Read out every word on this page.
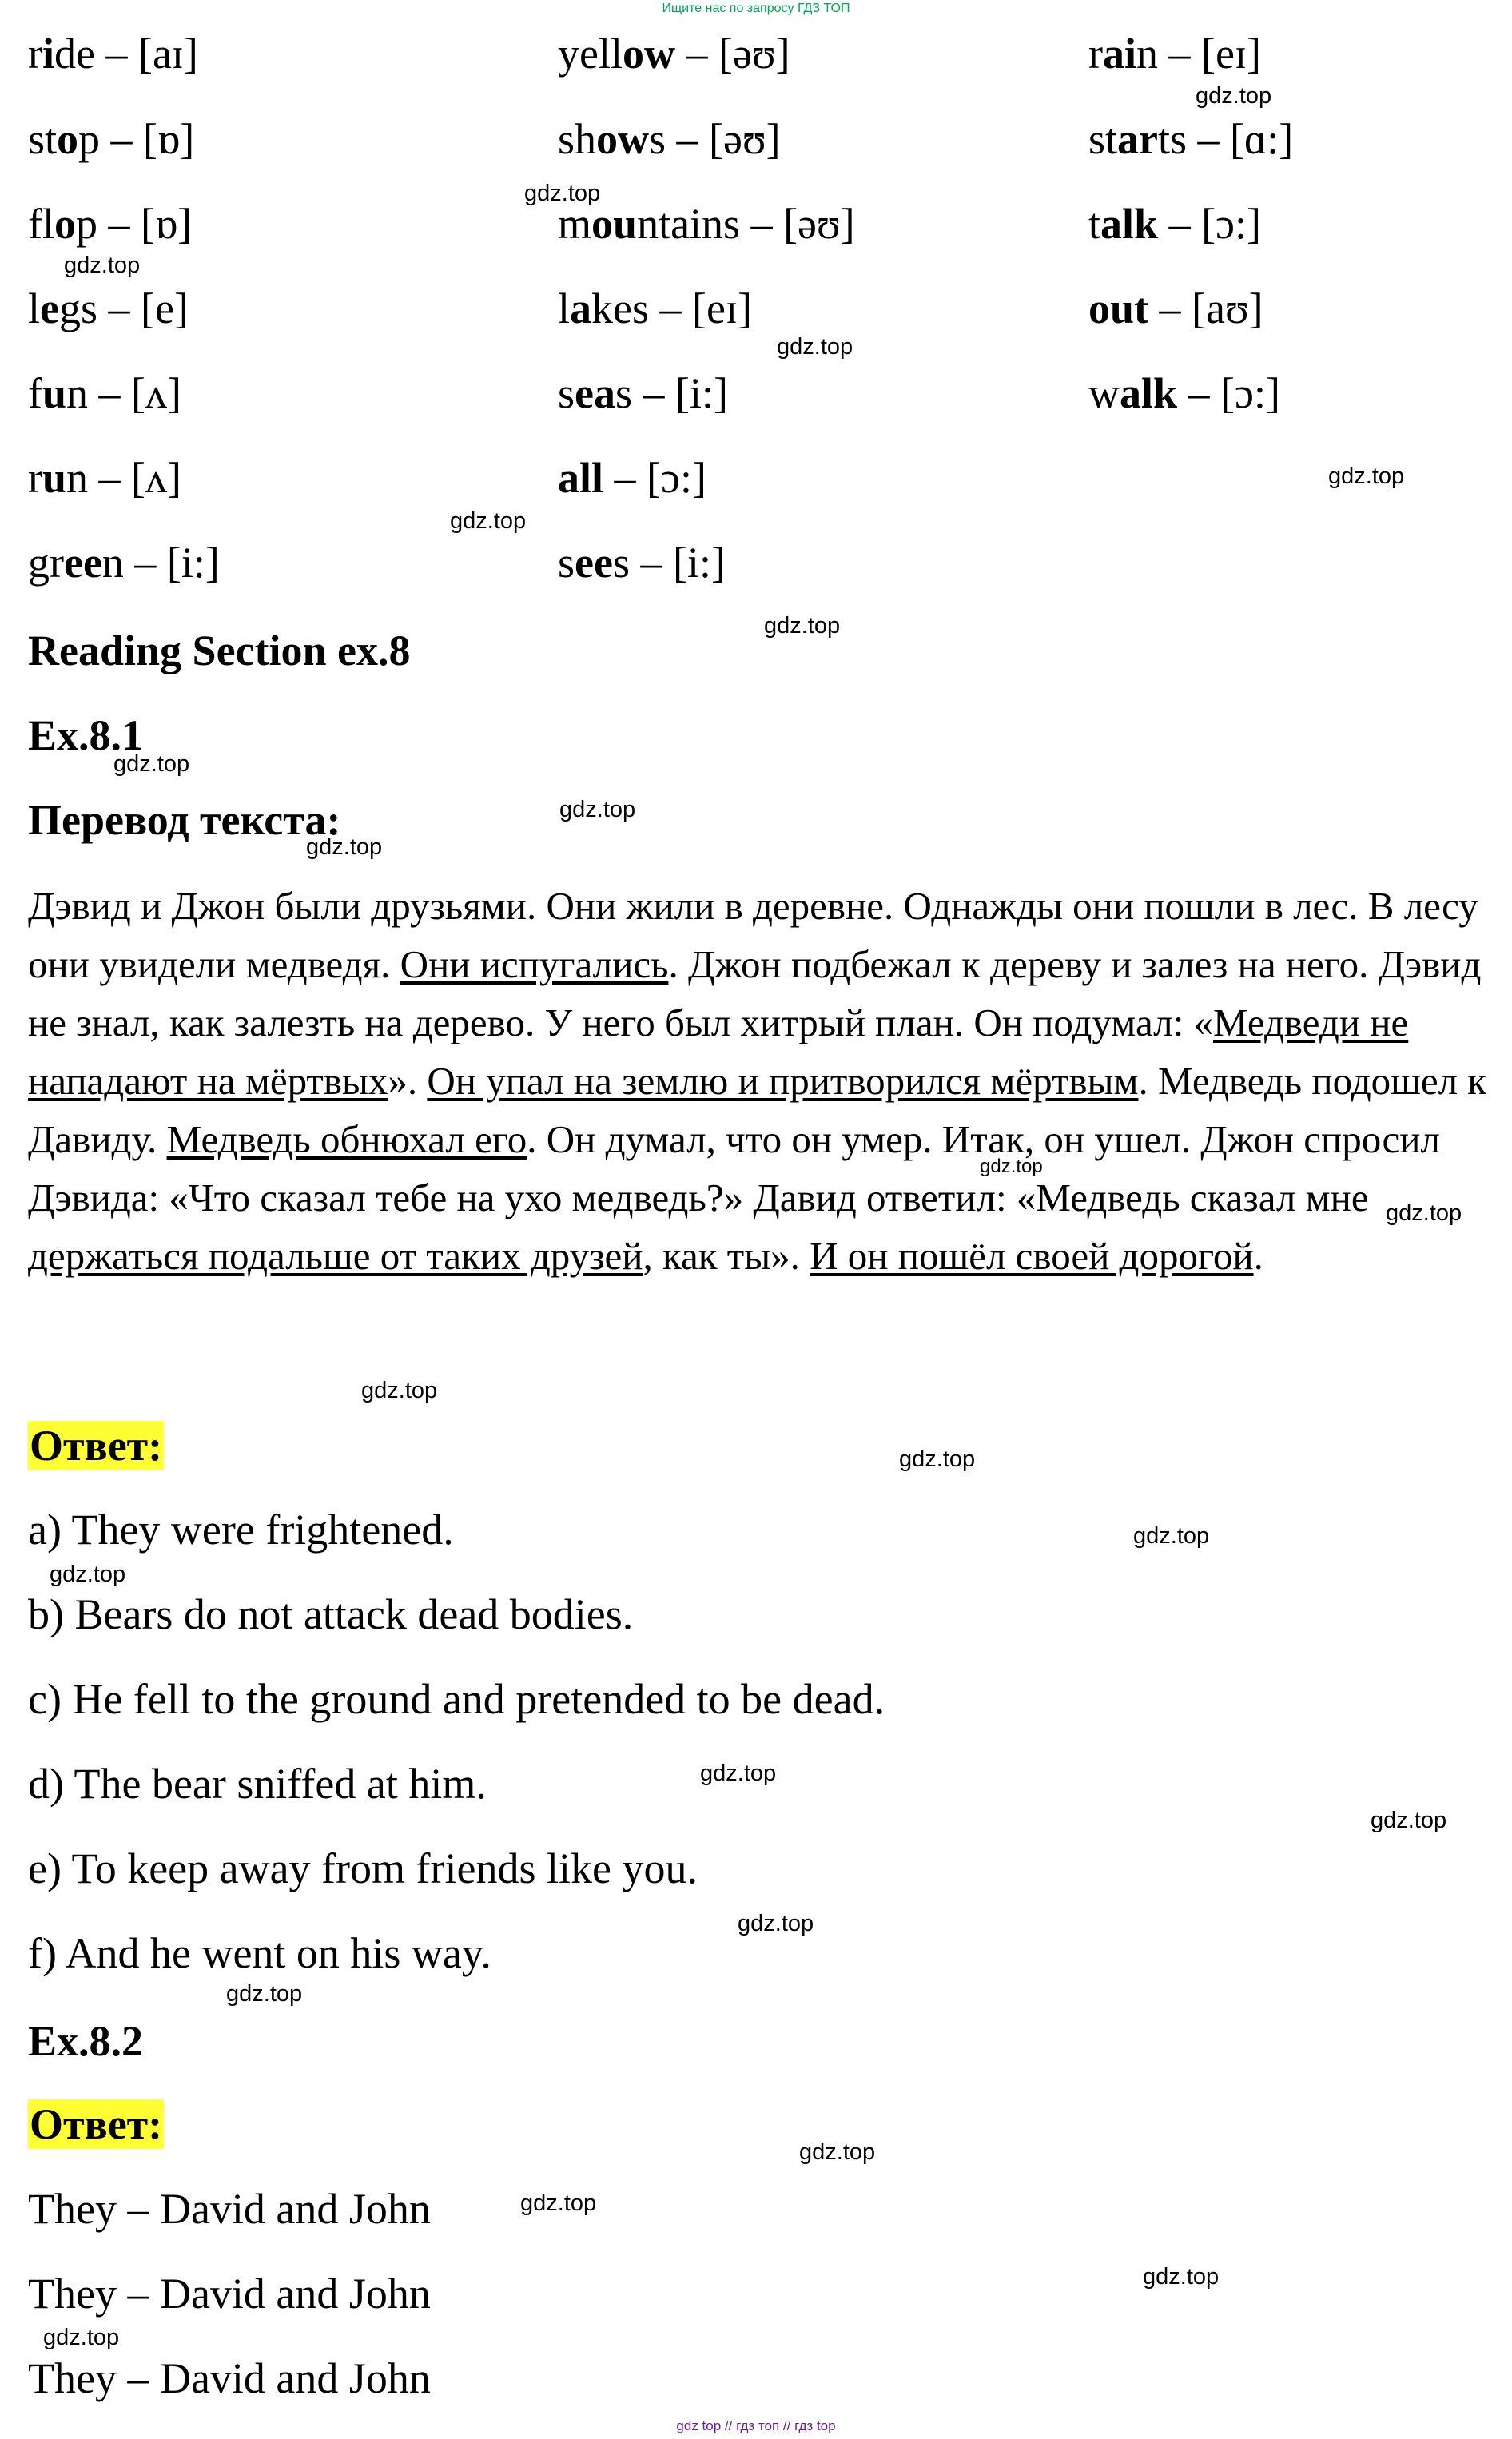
Ищите нас по запросу ГДЗ ТОП
ride – [aɪ]	yellow – [əʊ]	rain – [eɪ]
stop – [ɒ]	shows – [əʊ]	starts – [ɑ:]
flop – [ɒ]	mountains – [əʊ]	talk – [ɔ:]
legs – [e]	lakes – [eɪ]	out – [aʊ]
fun – [ʌ]	seas – [i:]	walk – [ɔ:]
run – [ʌ]	all – [ɔ:]
green – [i:]	sees – [i:]
Reading Section ex.8
Ex.8.1
Перевод текста:
Дэвид и Джон были друзьями. Они жили в деревне. Однажды они пошли в лес. В лесу они увидели медведя. Они испугались. Джон подбежал к дереву и залез на него. Дэвид не знал, как залезть на дерево. У него был хитрый план. Он подумал: «Медведи не нападают на мёртвых». Он упал на землю и притворился мёртвым. Медведь подошел к Давиду. Медведь обнюхал его. Он думал, что он умер. Итак, он ушел. Джон спросил Дэвида: «Что сказал тебе на ухо медведь?» Давид ответил: «Медведь сказал мне держаться подальше от таких друзей, как ты». И он пошёл своей дорогой.
Ответ:
a) They were frightened.
b) Bears do not attack dead bodies.
c) He fell to the ground and pretended to be dead.
d) The bear sniffed at him.
e) To keep away from friends like you.
f) And he went on his way.
Ex.8.2
Ответ:
They – David and John
They – David and John
They – David and John
gdz.top
gdz.top
gdz.top
gdz.top
gdz.top
gdz.top
gdz.top
gdz.top
gdz.top
gdz.top
gdz.top
gdz.top
gdz.top
gdz.top
gdz.top
gdz.top
gdz.top
gdz.top
gdz.top
gdz.top
gdz.top
gdz.top
gdz.top
gdz.top
gdz top // гдз топ // гдз top
